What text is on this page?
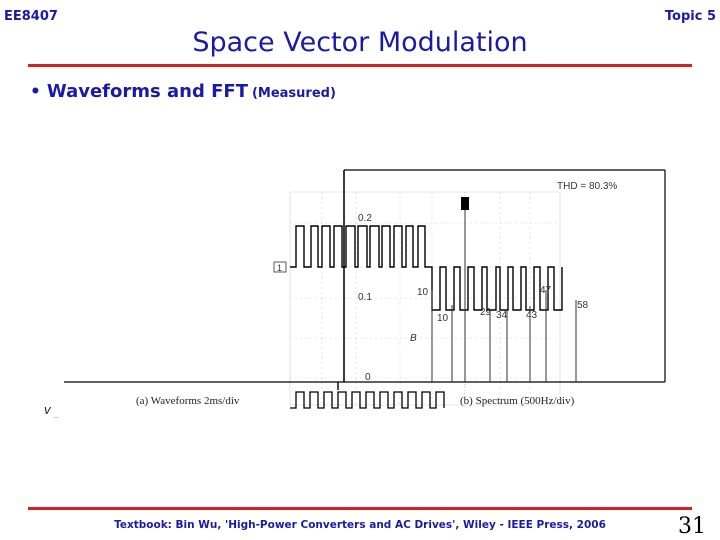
EE8407	Topic 5
Space Vector Modulation
• Waveforms and FFT (Measured)
THD = 80.3%
0.2
0.1
0
10
10
29 34 43
47
58
1
B
(a) Waveforms 2ms/div	(b) Spectrum (500Hz/div)
v ...
Textbook: Bin Wu, 'High-Power Converters and AC Drives', Wiley - IEEE Press, 2006	31
